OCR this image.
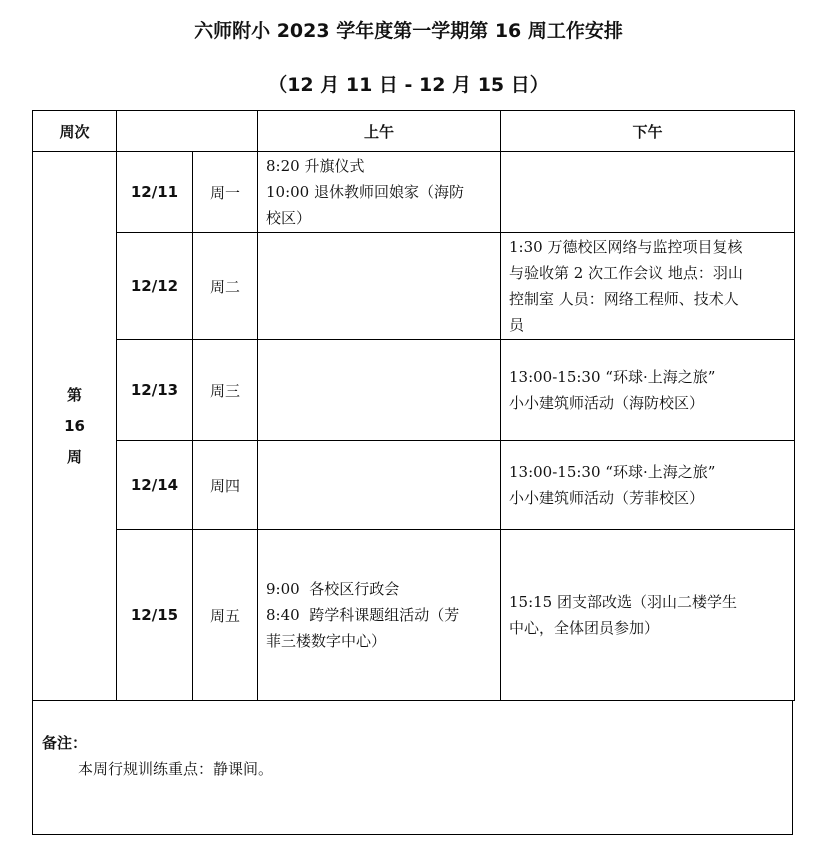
六师附小 2023 学年度第一学期第 16 周工作安排
（12 月 11 日 - 12 月 15 日）
周次			上午	下午

第
16
周	12/11	周一	8:20 升旗仪式
10:00 退休教师回娘家（海防
校区）	

	12/12	周二		1:30 万德校区网络与监控项目复核
与验收第 2 次工作会议 地点：羽山
控制室 人员：网络工程师、技术人
员

	12/13	周三		13:00-15:30 “环球·上海之旅”
小小建筑师活动（海防校区）

	12/14	周四		13:00-15:30 “环球·上海之旅”
小小建筑师活动（芳菲校区）

	12/15	周五	9:00  各校区行政会
8:40  跨学科课题组活动（芳
菲三楼数字中心）	15:15 团支部改选（羽山二楼学生
中心，全体团员参加）
备注：
本周行规训练重点：静课间。
